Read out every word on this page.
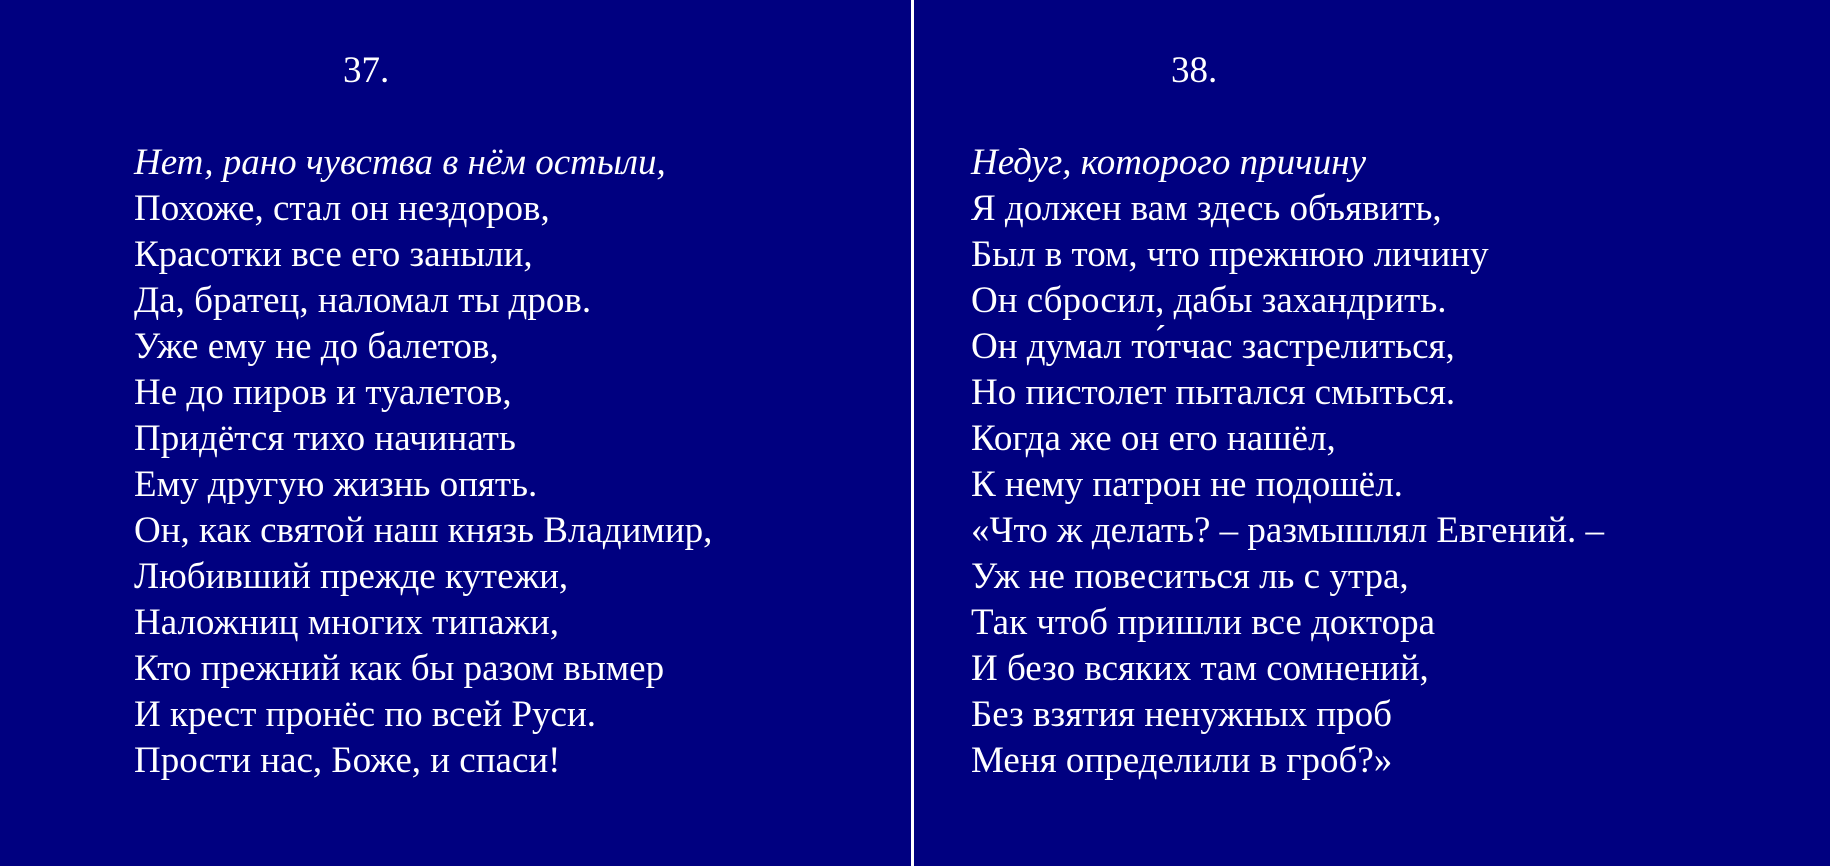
37.
Нет, рано чувства в нём остыли,
Похоже, стал он нездоров,
Красотки все его заныли,
Да, братец, наломал ты дров.
Уже ему не до балетов,
Не до пиров и туалетов,
Придётся тихо начинать
Ему другую жизнь опять.
Он, как святой наш князь Владимир,
Любивший прежде кутежи,
Наложниц многих типажи,
Кто прежний как бы разом вымер
И крест пронёс по всей Руси.
Прости нас, Боже, и спаси!
38.
Недуг, которого причину
Я должен вам здесь объявить,
Был в том, что прежнюю личину
Он сбросил, дабы захандрить.
Он думал то́тчас застрелиться,
Но пистолет пытался смыться.
Когда же он его нашёл,
К нему патрон не подошёл.
«Что ж делать? – размышлял Евгений. –
Уж не повеситься ль с утра,
Так чтоб пришли все доктора
И безо всяких там сомнений,
Без взятия ненужных проб
Меня определили в гроб?»
